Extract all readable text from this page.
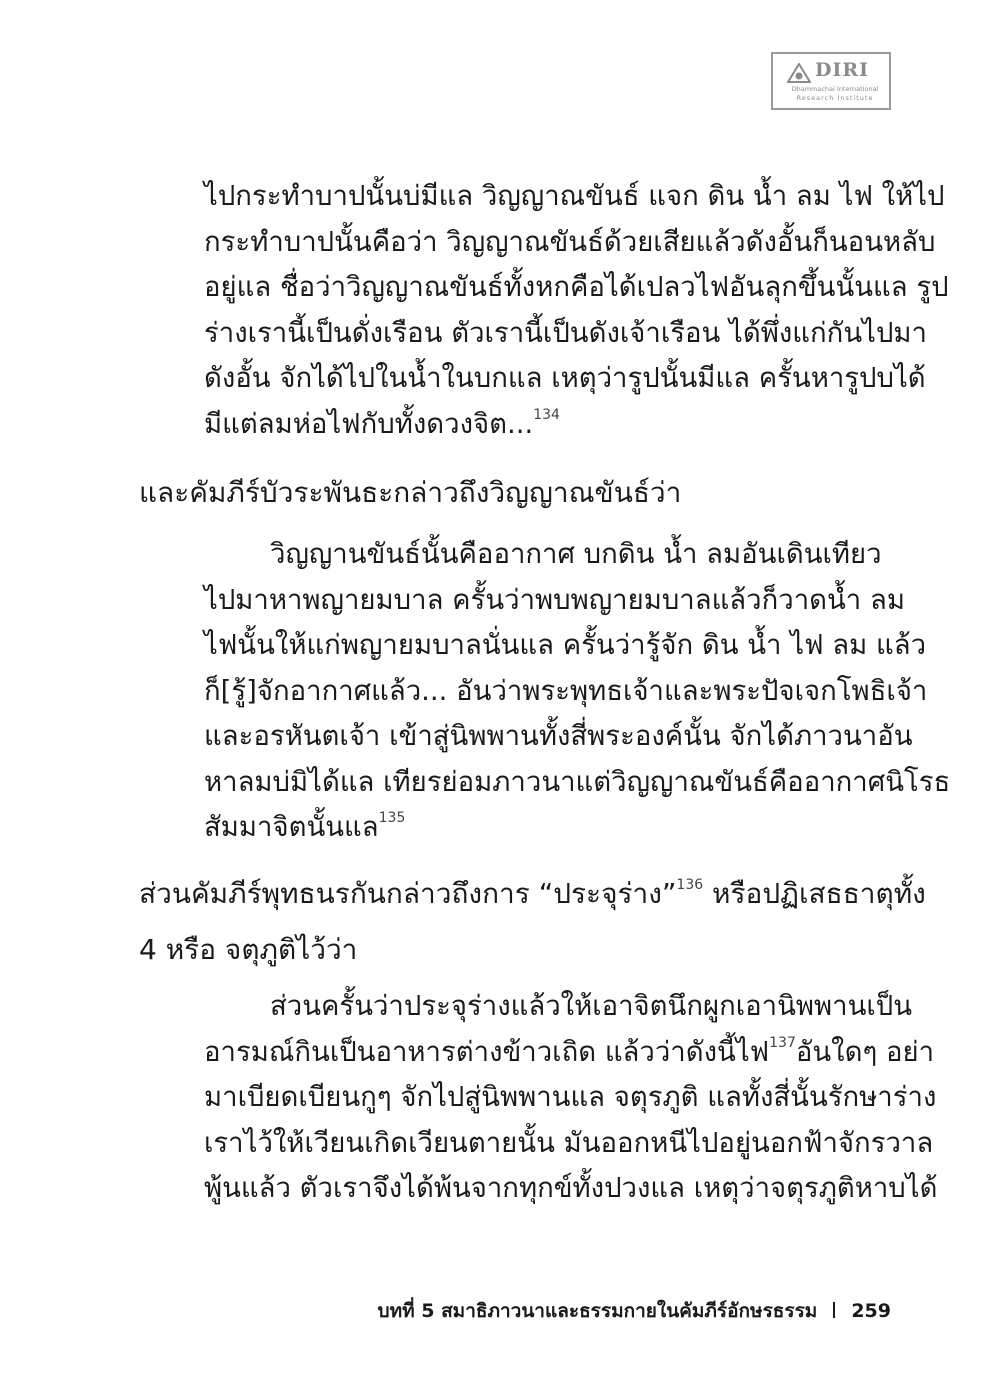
DIRI
Dhammachai International
Research Institute
ไปกระทำบาปนั้นบ่มีแล วิญญาณขันธ์ แจก ดิน น้ำ ลม ไฟ ให้ไป
กระทำบาปนั้นคือว่า วิญญาณขันธ์ด้วยเสียแล้วดังอั้นก็นอนหลับ
อยู่แล ชื่อว่าวิญญาณขันธ์ทั้งหกคือได้เปลวไฟอันลุกขึ้นนั้นแล รูป
ร่างเรานี้เป็นดั่งเรือน ตัวเรานี้เป็นดังเจ้าเรือน ได้พึ่งแก่กันไปมา
ดังอั้น จักได้ไปในน้ำในบกแล เหตุว่ารูปนั้นมีแล ครั้นหารูปบได้
มีแต่ลมห่อไฟกับทั้งดวงจิต...$^{134}$
และคัมภีร์บัวระพันธะกล่าวถึงวิญญาณขันธ์ว่า
วิญญานขันธ์นั้นคืออากาศ บกดิน น้ำ ลมอันเดินเทียว
ไปมาหาพญายมบาล ครั้นว่าพบพญายมบาลแล้วก็วาดน้ำ ลม
ไฟนั้นให้แก่พญายมบาลนั่นแล ครั้นว่ารู้จัก ดิน น้ำ ไฟ ลม แล้ว
ก็[รู้]จักอากาศแล้ว... อันว่าพระพุทธเจ้าและพระปัจเจกโพธิเจ้า
และอรหันตเจ้า เข้าสู่นิพพานทั้งสี่พระองค์นั้น จักได้ภาวนาอัน
หาลมบ่มิได้แล เทียรย่อมภาวนาแต่วิญญาณขันธ์คืออากาศนิโรธ
สัมมาจิตนั้นแล$^{135}$
ส่วนคัมภีร์พุทธนรกันกล่าวถึงการ “ประจุร่าง”$^{136}$ หรือปฏิเสธธาตุทั้ง
4 หรือ จตุภูติไว้ว่า
ส่วนครั้นว่าประจุร่างแล้วให้เอาจิตนึกผูกเอานิพพานเป็น
อารมณ์กินเป็นอาหารต่างข้าวเถิด แล้วว่าดังนี้ไฟ$^{137}$อันใดๆ อย่า
มาเบียดเบียนกูๆ จักไปสู่นิพพานแล จตุรภูติ แลทั้งสี่นั้นรักษาร่าง
เราไว้ให้เวียนเกิดเวียนตายนั้น มันออกหนีไปอยู่นอกฟ้าจักรวาล
พู้นแล้ว ตัวเราจึงได้พ้นจากทุกข์ทั้งปวงแล เหตุว่าจตุรภูติหาบได้
บทที่ 5 สมาธิภาวนาและธรรมกายในคัมภีร์อักษรธรรม 259
